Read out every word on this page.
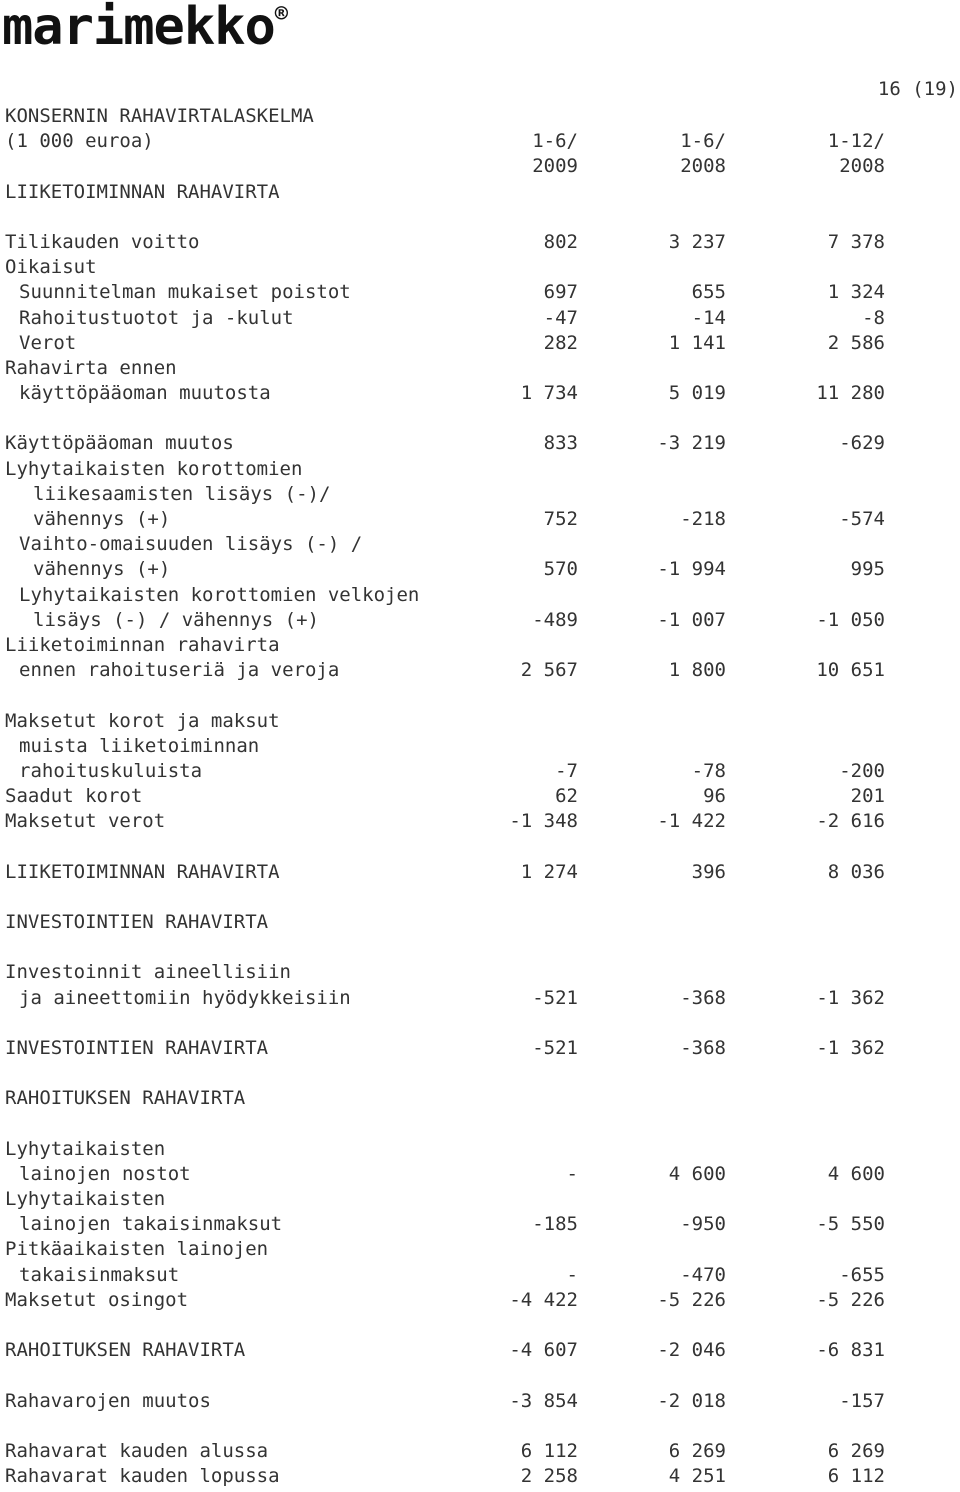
marimekko®
16 (19)
KONSERNIN RAHAVIRTALASKELMA
(1 000 euroa)	1-6/	1-6/	1-12/
2009	2008	2008
LIIKETOIMINNAN RAHAVIRTA
Tilikauden voitto	802	3 237	7 378
Oikaisut
Suunnitelman mukaiset poistot	697	655	1 324
Rahoitustuotot ja -kulut	-47	-14	-8
Verot	282	1 141	2 586
Rahavirta ennen
käyttöpääoman muutosta	1 734	5 019	11 280
Käyttöpääoman muutos	833	-3 219	-629
Lyhytaikaisten korottomien
liikesaamisten lisäys (-)/
vähennys (+)	752	-218	-574
Vaihto-omaisuuden lisäys (-) /
vähennys (+)	570	-1 994	995
Lyhytaikaisten korottomien velkojen
lisäys (-) / vähennys (+)	-489	-1 007	-1 050
Liiketoiminnan rahavirta
ennen rahoituseriä ja veroja	2 567	1 800	10 651
Maksetut korot ja maksut
muista liiketoiminnan
rahoituskuluista	-7	-78	-200
Saadut korot	62	96	201
Maksetut verot	-1 348	-1 422	-2 616
LIIKETOIMINNAN RAHAVIRTA	1 274	396	8 036
INVESTOINTIEN RAHAVIRTA
Investoinnit aineellisiin
ja aineettomiin hyödykkeisiin	-521	-368	-1 362
INVESTOINTIEN RAHAVIRTA	-521	-368	-1 362
RAHOITUKSEN RAHAVIRTA
Lyhytaikaisten
lainojen nostot	-	4 600	4 600
Lyhytaikaisten
lainojen takaisinmaksut	-185	-950	-5 550
Pitkäaikaisten lainojen
takaisinmaksut	-	-470	-655
Maksetut osingot	-4 422	-5 226	-5 226
RAHOITUKSEN RAHAVIRTA	-4 607	-2 046	-6 831
Rahavarojen muutos	-3 854	-2 018	-157
Rahavarat kauden alussa	6 112	6 269	6 269
Rahavarat kauden lopussa	2 258	4 251	6 112
